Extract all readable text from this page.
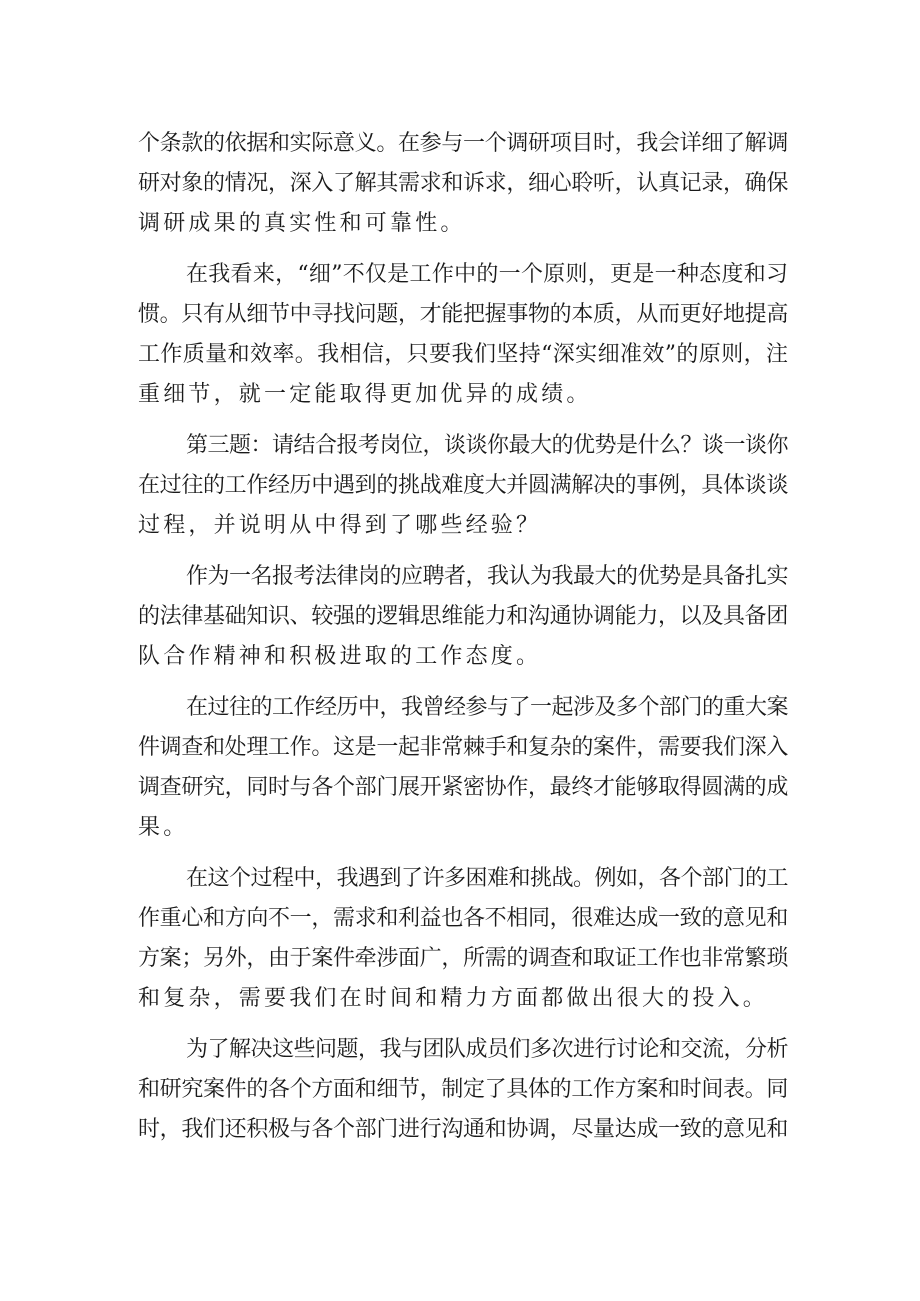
个条款的依据和实际意义。在参与一个调研项目时，我会详细了解调
研对象的情况，深入了解其需求和诉求，细心聆听，认真记录，确保
调研成果的真实性和可靠性。
在我看来，“细”不仅是工作中的一个原则，更是一种态度和习
惯。只有从细节中寻找问题，才能把握事物的本质，从而更好地提高
工作质量和效率。我相信，只要我们坚持“深实细准效”的原则，注
重细节，就一定能取得更加优异的成绩。
第三题：请结合报考岗位，谈谈你最大的优势是什么？谈一谈你
在过往的工作经历中遇到的挑战难度大并圆满解决的事例，具体谈谈
过程，并说明从中得到了哪些经验？
作为一名报考法律岗的应聘者，我认为我最大的优势是具备扎实
的法律基础知识、较强的逻辑思维能力和沟通协调能力，以及具备团
队合作精神和积极进取的工作态度。
在过往的工作经历中，我曾经参与了一起涉及多个部门的重大案
件调查和处理工作。这是一起非常棘手和复杂的案件，需要我们深入
调查研究，同时与各个部门展开紧密协作，最终才能够取得圆满的成
果。
在这个过程中，我遇到了许多困难和挑战。例如，各个部门的工
作重心和方向不一，需求和利益也各不相同，很难达成一致的意见和
方案；另外，由于案件牵涉面广，所需的调查和取证工作也非常繁琐
和复杂，需要我们在时间和精力方面都做出很大的投入。
为了解决这些问题，我与团队成员们多次进行讨论和交流，分析
和研究案件的各个方面和细节，制定了具体的工作方案和时间表。同
时，我们还积极与各个部门进行沟通和协调，尽量达成一致的意见和
